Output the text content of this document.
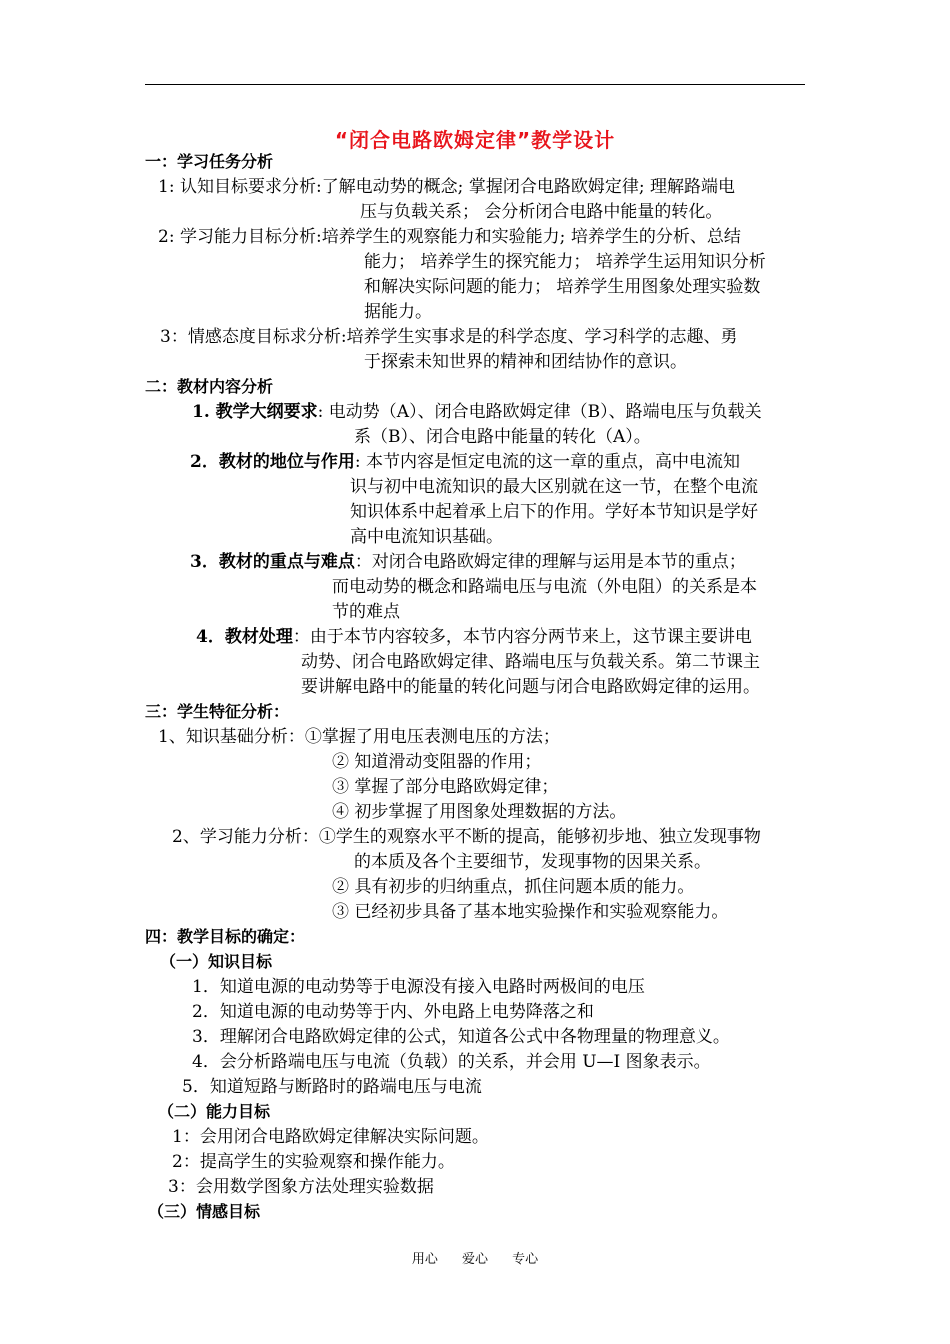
“闭合电路欧姆定律”教学设计
一：学习任务分析
1: 认知目标要求分析:了解电动势的概念; 掌握闭合电路欧姆定律; 理解路端电
压与负载关系； 会分析闭合电路中能量的转化。
2: 学习能力目标分析:培养学生的观察能力和实验能力; 培养学生的分析、总结
能力； 培养学生的探究能力； 培养学生运用知识分析
和解决实际问题的能力； 培养学生用图象处理实验数
据能力。
3：情感态度目标求分析:培养学生实事求是的科学态度、学习科学的志趣、勇
于探索未知世界的精神和团结协作的意识。
二：教材内容分析
1. 教学大纲要求: 电动势（A）、闭合电路欧姆定律（B）、路端电压与负载关
系（B）、闭合电路中能量的转化（A）。
2．教材的地位与作用: 本节内容是恒定电流的这一章的重点，高中电流知
识与初中电流知识的最大区别就在这一节，在整个电流
知识体系中起着承上启下的作用。学好本节知识是学好
高中电流知识基础。
3．教材的重点与难点：对闭合电路欧姆定律的理解与运用是本节的重点；
而电动势的概念和路端电压与电流（外电阻）的关系是本
节的难点
4．教材处理：由于本节内容较多，本节内容分两节来上，这节课主要讲电
动势、闭合电路欧姆定律、路端电压与负载关系。第二节课主
要讲解电路中的能量的转化问题与闭合电路欧姆定律的运用。
三：学生特征分析：
1、知识基础分析：①掌握了用电压表测电压的方法；
② 知道滑动变阻器的作用；
③ 掌握了部分电路欧姆定律；
④ 初步掌握了用图象处理数据的方法。
2、学习能力分析：①学生的观察水平不断的提高，能够初步地、独立发现事物
的本质及各个主要细节，发现事物的因果关系。
② 具有初步的归纳重点，抓住问题本质的能力。
③ 已经初步具备了基本地实验操作和实验观察能力。
四：教学目标的确定：
（一）知识目标
1．知道电源的电动势等于电源没有接入电路时两极间的电压
2．知道电源的电动势等于内、外电路上电势降落之和
3．理解闭合电路欧姆定律的公式，知道各公式中各物理量的物理意义。
4．会分析路端电压与电流（负载）的关系，并会用 U—I 图象表示。
5．知道短路与断路时的路端电压与电流
（二）能力目标
1：会用闭合电路欧姆定律解决实际问题。
2：提高学生的实验观察和操作能力。
3：会用数学图象方法处理实验数据
（三）情感目标
用心 爱心 专心
